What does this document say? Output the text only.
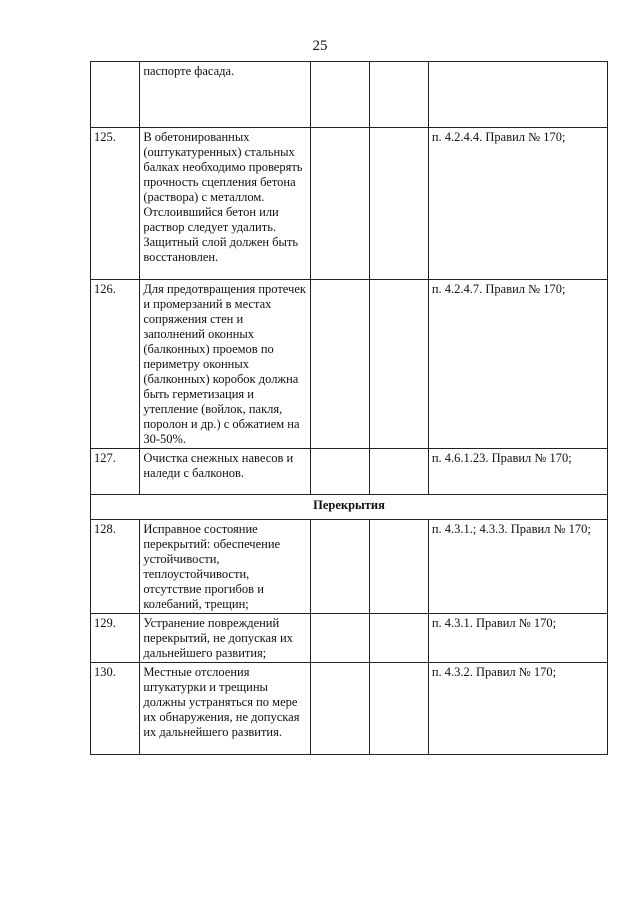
25
	паспорте фасада.			
125.	В обетонированных (оштукатуренных) стальных балках необходимо проверять прочность сцепления бетона (раствора) с металлом. Отслоившийся бетон или раствор следует удалить. Защитный слой должен быть восстановлен.			п. 4.2.4.4. Правил № 170;
126.	Для предотвращения протечек и промерзаний в местах сопряжения стен и заполнений оконных (балконных) проемов по периметру оконных (балконных) коробок должна быть герметизация и утепление (войлок, пакля, поролон и др.) с обжатием на 30-50%.			п. 4.2.4.7. Правил № 170;
127.	Очистка снежных навесов и наледи с балконов.			п. 4.6.1.23. Правил № 170;
Перекрытия				
128.	Исправное состояние перекрытий: обеспечение устойчивости, теплоустойчивости, отсутствие прогибов и колебаний, трещин;			п. 4.3.1.; 4.3.3. Правил № 170;
129.	Устранение повреждений перекрытий, не допуская их дальнейшего развития;			п. 4.3.1. Правил № 170;
130.	Местные отслоения штукатурки и трещины должны устраняться по мере их обнаружения, не допуская их дальнейшего развития.			п. 4.3.2. Правил № 170;
